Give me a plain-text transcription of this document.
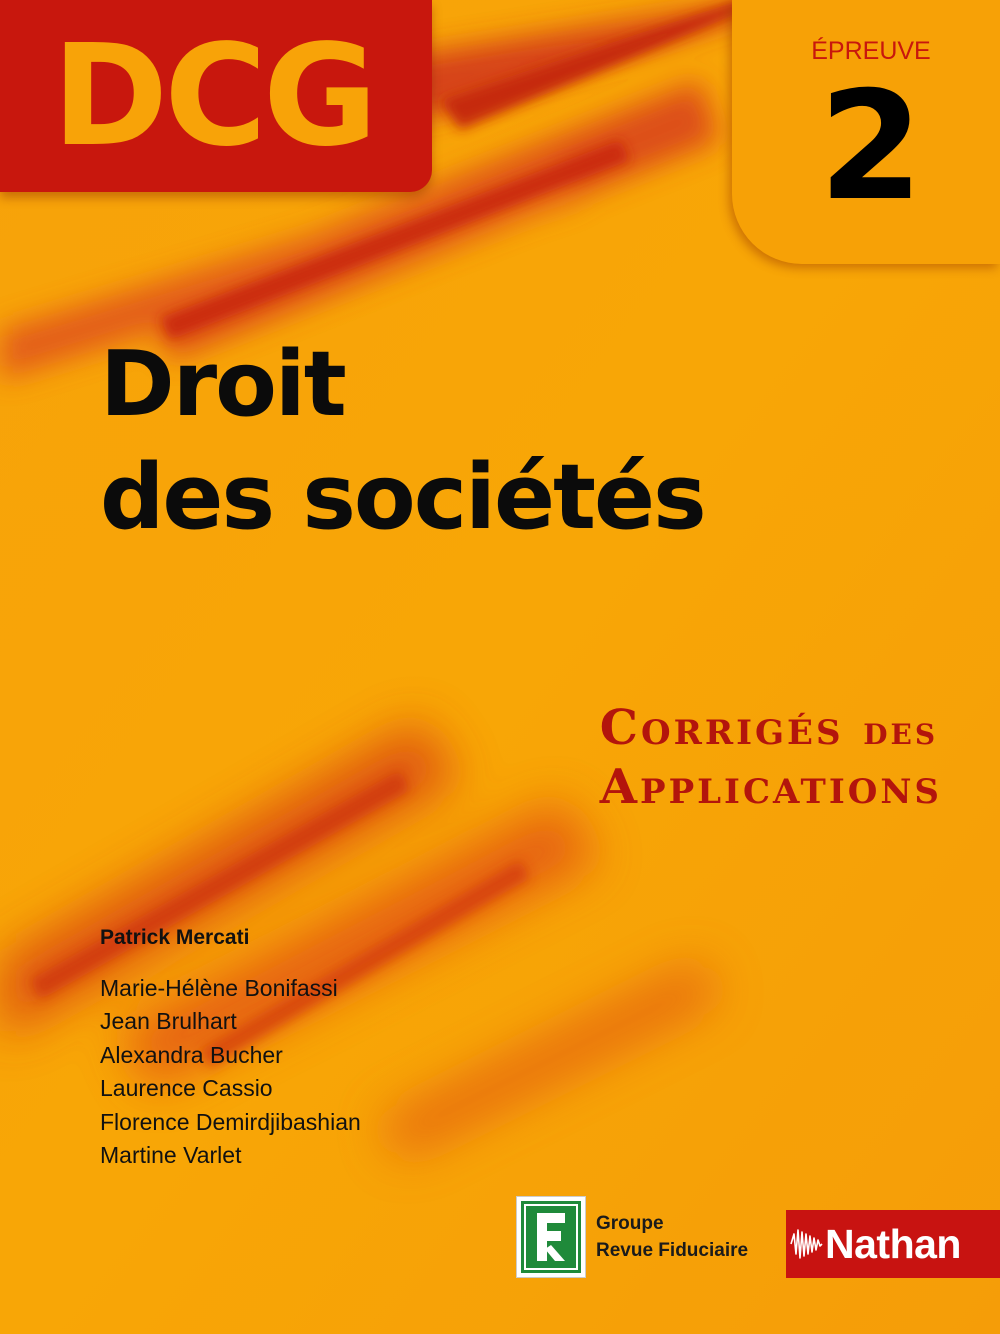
DCG	ÉPREUVE
2
Droit
des sociétés
Corrigés des
Applications
Patrick Mercati
Marie-Hélène Bonifassi
Jean Brulhart
Alexandra Bucher
Laurence Cassio
Florence Demirdjibashian
Martine Varlet
Groupe
Revue Fiduciaire Nathan
